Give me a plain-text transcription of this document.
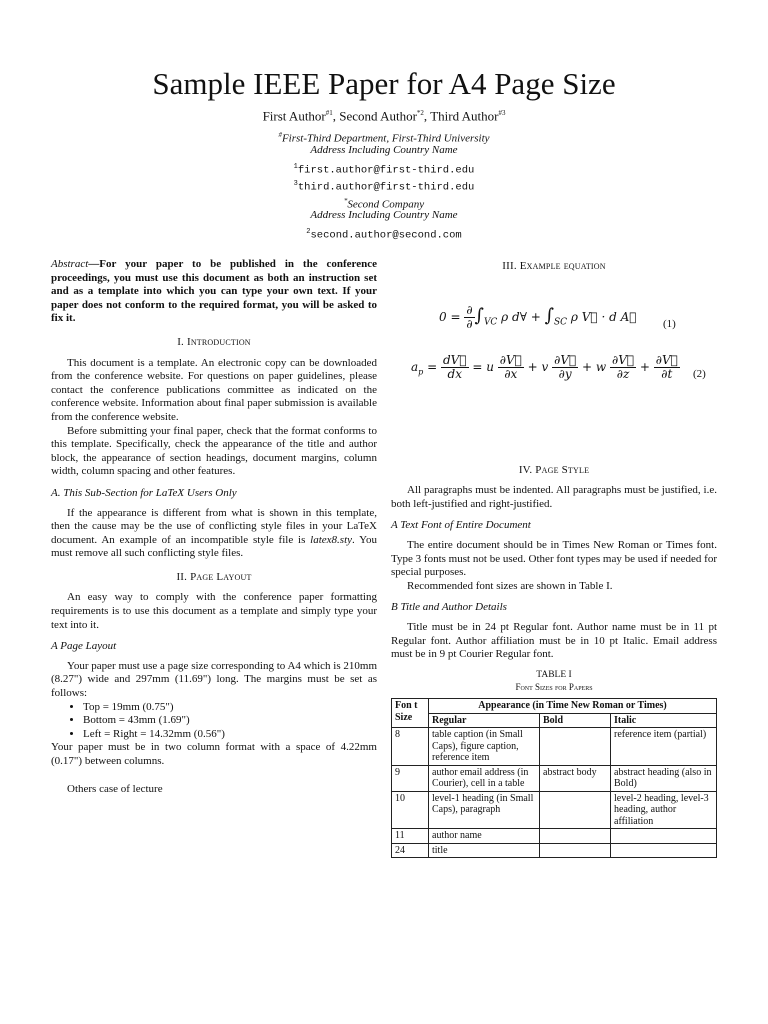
Sample IEEE Paper for A4 Page Size
First Author$^{\#1}$, Second Author$^{*2}$, Third Author$^{\#3}$
#First-Third Department, First-Third University
Address Including Country Name
$^1$first.author@first-third.edu
$^3$third.author@first-third.edu
*Second Company
Address Including Country Name
$^2$second.author@second.com
Abstract—For your paper to be published in the conference proceedings, you must use this document as both an instruction set and as a template into which you can type your own text. If your paper does not conform to the required format, you will be asked to fix it.
I. Introduction

This document is a template. An electronic copy can be downloaded from the conference website. For questions on paper guidelines, please contact the conference publications committee as indicated on the conference website. Information about final paper submission is available from the conference website.

Before submitting your final paper, check that the format conforms to this template. Specifically, check the appearance of the title and author block, the appearance of section headings, document margins, column width, column spacing and other features.

A. This Sub-Section for LaTeX Users Only

If the appearance is different from what is shown in this template, then the cause may be the use of conflicting style files in your LaTeX document. An example of an incompatible style file is latex8.sty. You must remove all such conflicting style files.

II. Page Layout

An easy way to comply with the conference paper formatting requirements is to use this document as a template and simply type your text into it.

A Page Layout

Your paper must use a page size corresponding to A4 which is 210mm (8.27") wide and 297mm (11.69") long. The margins must be set as follows:

• Top = 19mm (0.75")
• Bottom = 43mm (1.69")
• Left = Right = 14.32mm (0.56")

Your paper must be in two column format with a space of 4.22mm (0.17") between columns.

Others case of lecture

III. Example equation
$0 = \frac{\partial}{\partial} \int_{VC}$ ρ d∀ + $\int_{SC}$ ρ V⃗ · d A⃗ (1)
$a_p = \frac{dV⃗}{dx} = u \frac{\partial V⃗}{\partial x} + v \frac{\partial V⃗}{\partial y} + w \frac{\partial V⃗}{\partial z} + \frac{\partial V⃗}{\partial t} (2)$
IV. Page Style

All paragraphs must be indented. All paragraphs must be justified, i.e. both left-justified and right-justified.

A Text Font of Entire Document

The entire document should be in Times New Roman or Times font. Type 3 fonts must not be used. Other font types may be used if needed for special purposes.

Recommended font sizes are shown in Table I.

B Title and Author Details

Title must be in 24 pt Regular font. Author name must be in 11 pt Regular font. Author affiliation must be in 10 pt Italic. Email address must be in 9 pt Courier Regular font.

TABLE I
Font Sizes for Papers
Fon t Size	Appearance (in Time New Roman or Times)		
	Regular	Bold	Italic
8	table caption (in Small Caps), figure caption, reference item		reference item (partial)
9	author email address (in Courier), cell in a table	abstract body	abstract heading (also in Bold)
10	level-1 heading (in Small Caps), paragraph		level-2 heading, level-3 heading, author affiliation
11	author name		
24	title		
